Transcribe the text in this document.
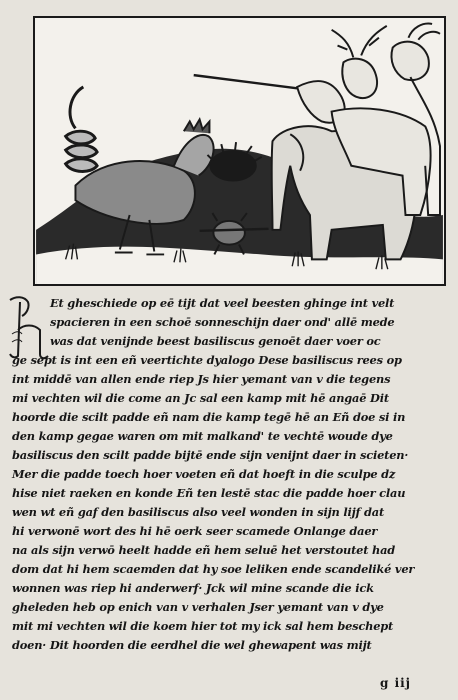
Et gheschiede op eē tijt dat veel beesten ghinge int velt
spacieren in een schoē sonneschijn daer ond' allē mede
was dat venijnde beest basiliscus genoēt daer voer oc
ge sept is int een eñ veertichte dyalogo Dese basiliscus rees op
int middē van allen ende riep Js hier yemant van v die tegens
mi vechten wil die come an Jc sal een kamp mit hē angaē Dit
hoorde die scilt padde eñ nam die kamp tegē hē an Eñ doe si in
den kamp gegae waren om mit malkand' te vechtē woude dye
basiliscus den scilt padde bijtē ende sijn venijnt daer in scieten·
Mer die padde toech hoer voeten eñ dat hoeft in die sculpe dz
hise niet raeken en konde Eñ ten lestē stac die padde hoer clau
wen wt eñ gaf den basiliscus also veel wonden in sijn lijf dat
hi verwonē wort des hi hē oerk seer scamede Onlange daer
na als sijn verwō heelt hadde eñ hem seluē het verstoutet had
dom dat hi hem scaemden dat hy soe leliken ende scandeliké ver
wonnen was riep hi anderwerf· Jck wil mine scande die ick
gheleden heb op enich van v verhalen Jser yemant van v dye
mit mi vechten wil die koem hier tot my ick sal hem beschept
doen· Dit hoorden die eerdhel die wel ghewapent was mijt
g iij
